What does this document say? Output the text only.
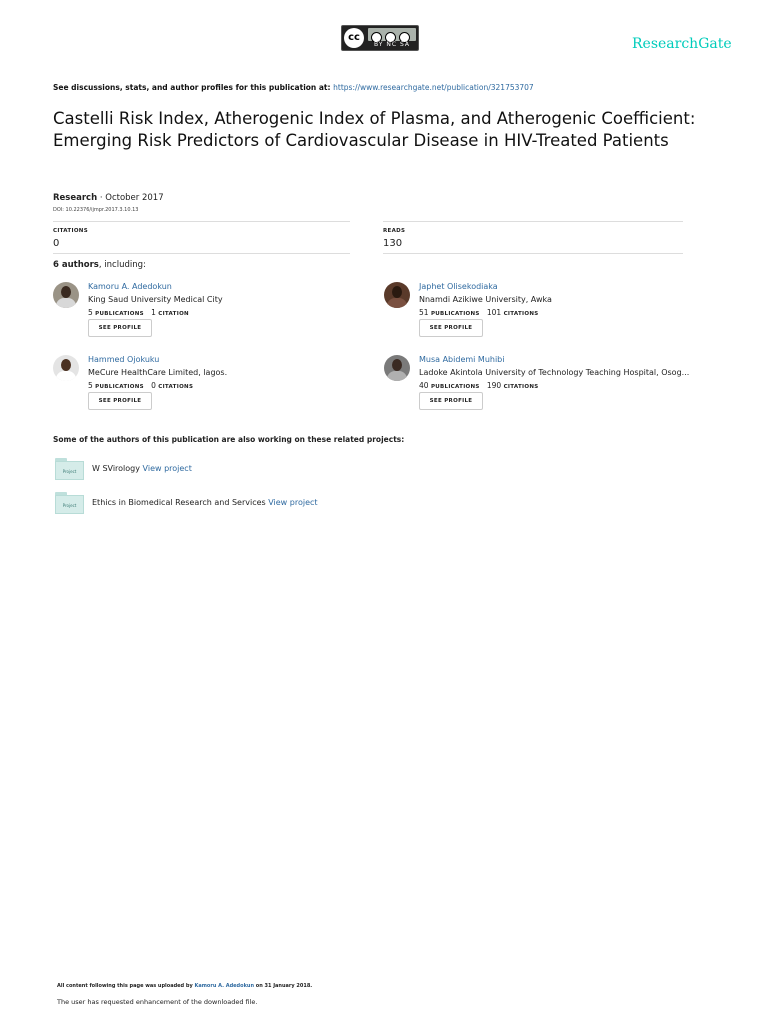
cc
BY NC SA	ResearchGate
See discussions, stats, and author profiles for this publication at: https://www.researchgate.net/publication/321753707
Castelli Risk Index, Atherogenic Index of Plasma, and Atherogenic Coefficient: Emerging Risk Predictors of Cardiovascular Disease in HIV-Treated Patients
Research · October 2017
DOI: 10.22376/ijmpr.2017.3.10.13
CITATIONS
0
READS
130
6 authors, including:
Kamoru A. Adedokun
King Saud University Medical City
5 PUBLICATIONS 1 CITATION
SEE PROFILE
Japhet Olisekodiaka
Nnamdi Azikiwe University, Awka
51 PUBLICATIONS 101 CITATIONS
SEE PROFILE
Hammed Ojokuku
MeCure HealthCare Limited, lagos.
5 PUBLICATIONS 0 CITATIONS
SEE PROFILE
Musa Abidemi Muhibi
Ladoke Akintola University of Technology Teaching Hospital, Osog...
40 PUBLICATIONS 190 CITATIONS
SEE PROFILE
Some of the authors of this publication are also working on these related projects:
Project	W SVirology View project
Project	Ethics in Biomedical Research and Services View project
All content following this page was uploaded by Kamoru A. Adedokun on 31 January 2018.
The user has requested enhancement of the downloaded file.
